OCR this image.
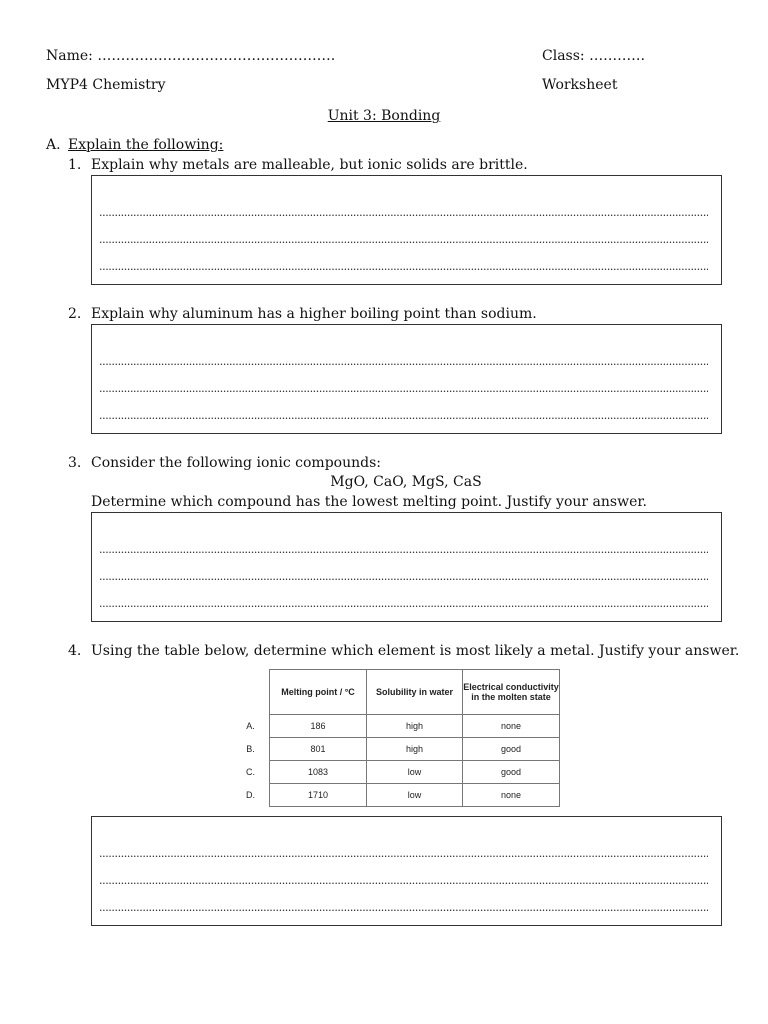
Name: ……………………………………………	Class: …………
MYP4 Chemistry	Worksheet
Unit 3: Bonding
A. Explain the following:
1. Explain why metals are malleable, but ionic solids are brittle.
.....
.....
.....
2. Explain why aluminum has a higher boiling point than sodium.
.....
.....
.....
3. Consider the following ionic compounds:
MgO, CaO, MgS, CaS
Determine which compound has the lowest melting point. Justify your answer.
.....
.....
.....
4. Using the table below, determine which element is most likely a metal. Justify your answer.
	Melting point / °C	Solubility in water	Electrical conductivity in the molten state
A.	186	high	none
B.	801	high	good
C.	1083	low	good
D.	1710	low	none
.....
.....
.....
